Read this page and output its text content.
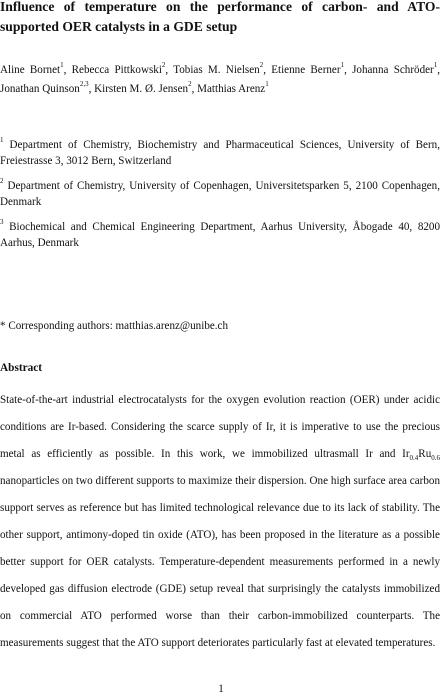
Influence of temperature on the performance of carbon- and ATO-supported OER catalysts in a GDE setup
Aline Bornet$^1$, Rebecca Pittkowski$^2$, Tobias M. Nielsen$^2$, Etienne Berner$^1$, Johanna Schröder$^1$, Jonathan Quinson$^{2,3}$, Kirsten M. Ø. Jensen$^2$, Matthias Arenz$^1$
$^1$ Department of Chemistry, Biochemistry and Pharmaceutical Sciences, University of Bern, Freiestrasse 3, 3012 Bern, Switzerland
$^2$ Department of Chemistry, University of Copenhagen, Universitetsparken 5, 2100 Copenhagen, Denmark
$^3$ Biochemical and Chemical Engineering Department, Aarhus University, Åbogade 40, 8200 Aarhus, Denmark
* Corresponding authors: matthias.arenz@unibe.ch
Abstract
State-of-the-art industrial electrocatalysts for the oxygen evolution reaction (OER) under acidic conditions are Ir-based. Considering the scarce supply of Ir, it is imperative to use the precious metal as efficiently as possible. In this work, we immobilized ultrasmall Ir and $Ir_{0.4}Ru_{0.6}$ nanoparticles on two different supports to maximize their dispersion. One high surface area carbon support serves as reference but has limited technological relevance due to its lack of stability. The other support, antimony-doped tin oxide (ATO), has been proposed in the literature as a possible better support for OER catalysts. Temperature-dependent measurements performed in a newly developed gas diffusion electrode (GDE) setup reveal that surprisingly the catalysts immobilized on commercial ATO performed worse than their carbon-immobilized counterparts. The measurements suggest that the ATO support deteriorates particularly fast at elevated temperatures.
1
